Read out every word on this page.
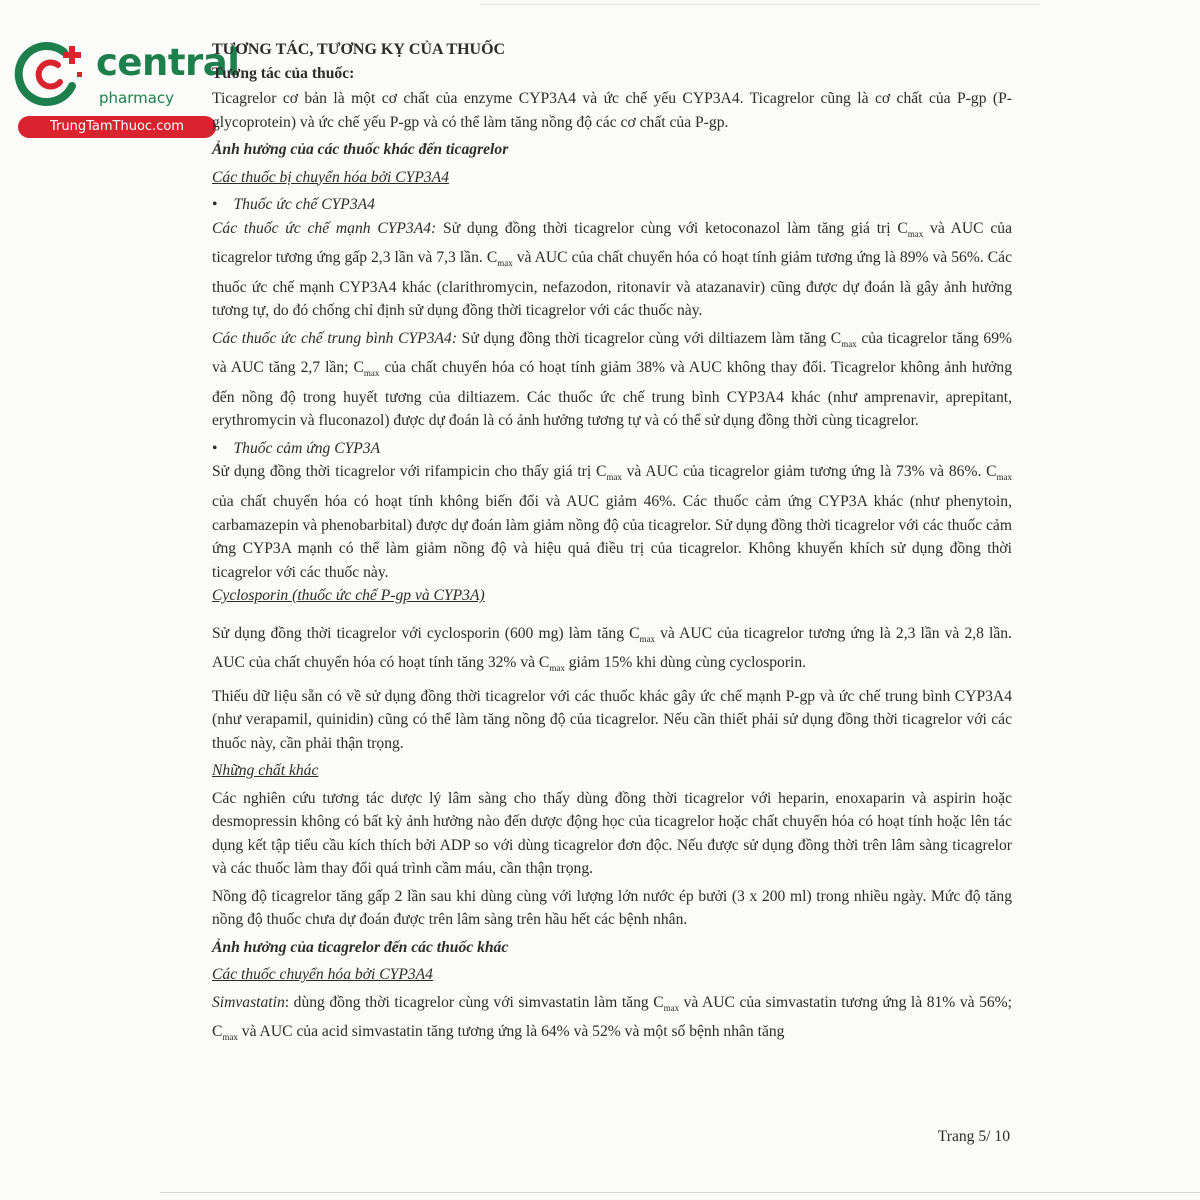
central
pharmacy
TrungTamThuoc.com

TƯƠNG TÁC, TƯƠNG KỴ CỦA THUỐC

Tương tác của thuốc:

Ticagrelor cơ bản là một cơ chất của enzyme CYP3A4 và ức chế yếu CYP3A4. Ticagrelor cũng là cơ chất của P-gp (P-glycoprotein) và ức chế yếu P-gp và có thể làm tăng nồng độ các cơ chất của P-gp.

Ảnh hưởng của các thuốc khác đến ticagrelor

Các thuốc bị chuyển hóa bởi CYP3A4

• Thuốc ức chế CYP3A4

Các thuốc ức chế mạnh CYP3A4: Sử dụng đồng thời ticagrelor cùng với ketoconazol làm tăng giá trị $C_{max}$ và AUC của ticagrelor tương ứng gấp 2,3 lần và 7,3 lần. $C_{max}$ và AUC của chất chuyển hóa có hoạt tính giảm tương ứng là 89% và 56%. Các thuốc ức chế mạnh CYP3A4 khác (clarithromycin, nefazodon, ritonavir và atazanavir) cũng được dự đoán là gây ảnh hưởng tương tự, do đó chống chỉ định sử dụng đồng thời ticagrelor với các thuốc này.

Các thuốc ức chế trung bình CYP3A4: Sử dụng đồng thời ticagrelor cùng với diltiazem làm tăng $C_{max}$ của ticagrelor tăng 69% và AUC tăng 2,7 lần; $C_{max}$ của chất chuyển hóa có hoạt tính giảm 38% và AUC không thay đổi. Ticagrelor không ảnh hưởng đến nồng độ trong huyết tương của diltiazem. Các thuốc ức chế trung bình CYP3A4 khác (như amprenavir, aprepitant, erythromycin và fluconazol) được dự đoán là có ảnh hưởng tương tự và có thể sử dụng đồng thời cùng ticagrelor.

• Thuốc cảm ứng CYP3A

Sử dụng đồng thời ticagrelor với rifampicin cho thấy giá trị $C_{max}$ và AUC của ticagrelor giảm tương ứng là 73% và 86%. $C_{max}$ của chất chuyển hóa có hoạt tính không biến đổi và AUC giảm 46%. Các thuốc cảm ứng CYP3A khác (như phenytoin, carbamazepin và phenobarbital) được dự đoán làm giảm nồng độ của ticagrelor. Sử dụng đồng thời ticagrelor với các thuốc cảm ứng CYP3A mạnh có thể làm giảm nồng độ và hiệu quả điều trị của ticagrelor. Không khuyến khích sử dụng đồng thời ticagrelor với các thuốc này.

Cyclosporin (thuốc ức chế P-gp và CYP3A)

Sử dụng đồng thời ticagrelor với cyclosporin (600 mg) làm tăng $C_{max}$ và AUC của ticagrelor tương ứng là 2,3 lần và 2,8 lần. AUC của chất chuyển hóa có hoạt tính tăng 32% và $C_{max}$ giảm 15% khi dùng cùng cyclosporin.

Thiếu dữ liệu sẵn có về sử dụng đồng thời ticagrelor với các thuốc khác gây ức chế mạnh P-gp và ức chế trung bình CYP3A4 (như verapamil, quinidin) cũng có thể làm tăng nồng độ của ticagrelor. Nếu cần thiết phải sử dụng đồng thời ticagrelor với các thuốc này, cần phải thận trọng.

Những chất khác

Các nghiên cứu tương tác dược lý lâm sàng cho thấy dùng đồng thời ticagrelor với heparin, enoxaparin và aspirin hoặc desmopressin không có bất kỳ ảnh hưởng nào đến dược động học của ticagrelor hoặc chất chuyển hóa có hoạt tính hoặc lên tác dụng kết tập tiểu cầu kích thích bởi ADP so với dùng ticagrelor đơn độc. Nếu được sử dụng đồng thời trên lâm sàng ticagrelor và các thuốc làm thay đổi quá trình cầm máu, cần thận trọng.

Nồng độ ticagrelor tăng gấp 2 lần sau khi dùng cùng với lượng lớn nước ép bưởi (3 x 200 ml) trong nhiều ngày. Mức độ tăng nồng độ thuốc chưa dự đoán được trên lâm sàng trên hầu hết các bệnh nhân.

Ảnh hưởng của ticagrelor đến các thuốc khác

Các thuốc chuyển hóa bởi CYP3A4

Simvastatin: dùng đồng thời ticagrelor cùng với simvastatin làm tăng $C_{max}$ và AUC của simvastatin tương ứng là 81% và 56%; $C_{max}$ và AUC của acid simvastatin tăng tương ứng là 64% và 52% và một số bệnh nhân tăng

Trang 5/ 10
